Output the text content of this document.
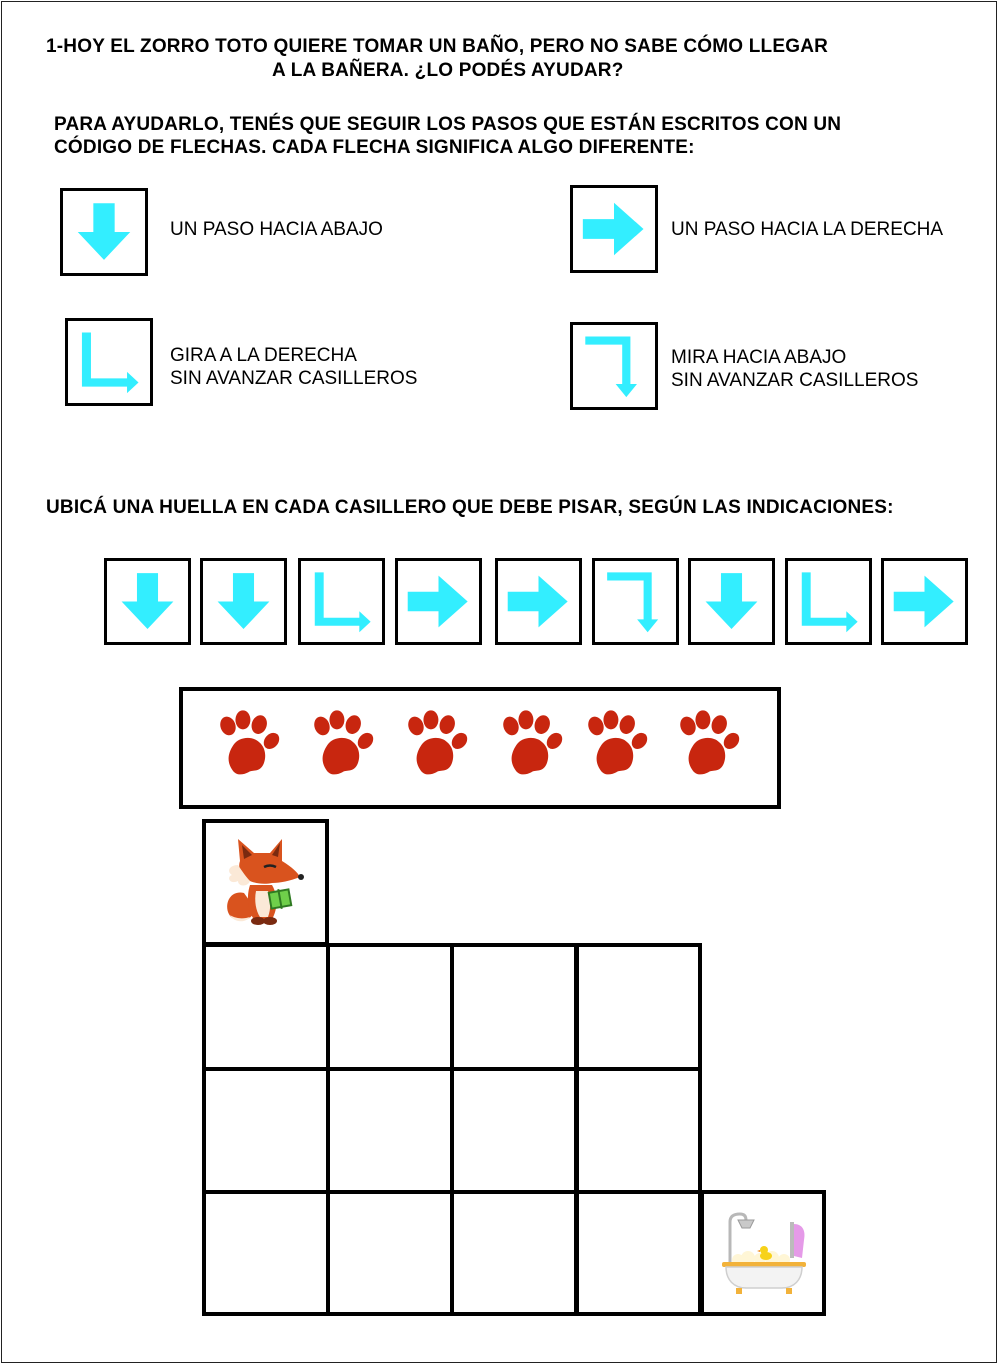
1-HOY EL ZORRO TOTO QUIERE TOMAR UN BAÑO, PERO NO SABE CÓMO LLEGAR
A LA BAÑERA. ¿LO PODÉS AYUDAR?
PARA AYUDARLO, TENÉS QUE SEGUIR LOS PASOS QUE ESTÁN ESCRITOS CON UN
CÓDIGO DE FLECHAS. CADA FLECHA SIGNIFICA ALGO DIFERENTE:
UN PASO HACIA ABAJO	UN PASO HACIA LA DERECHA
GIRA A LA DERECHA
SIN AVANZAR CASILLEROS
MIRA HACIA ABAJO
SIN AVANZAR CASILLEROS
UBICÁ UNA HUELLA EN CADA CASILLERO QUE DEBE PISAR, SEGÚN LAS INDICACIONES:
